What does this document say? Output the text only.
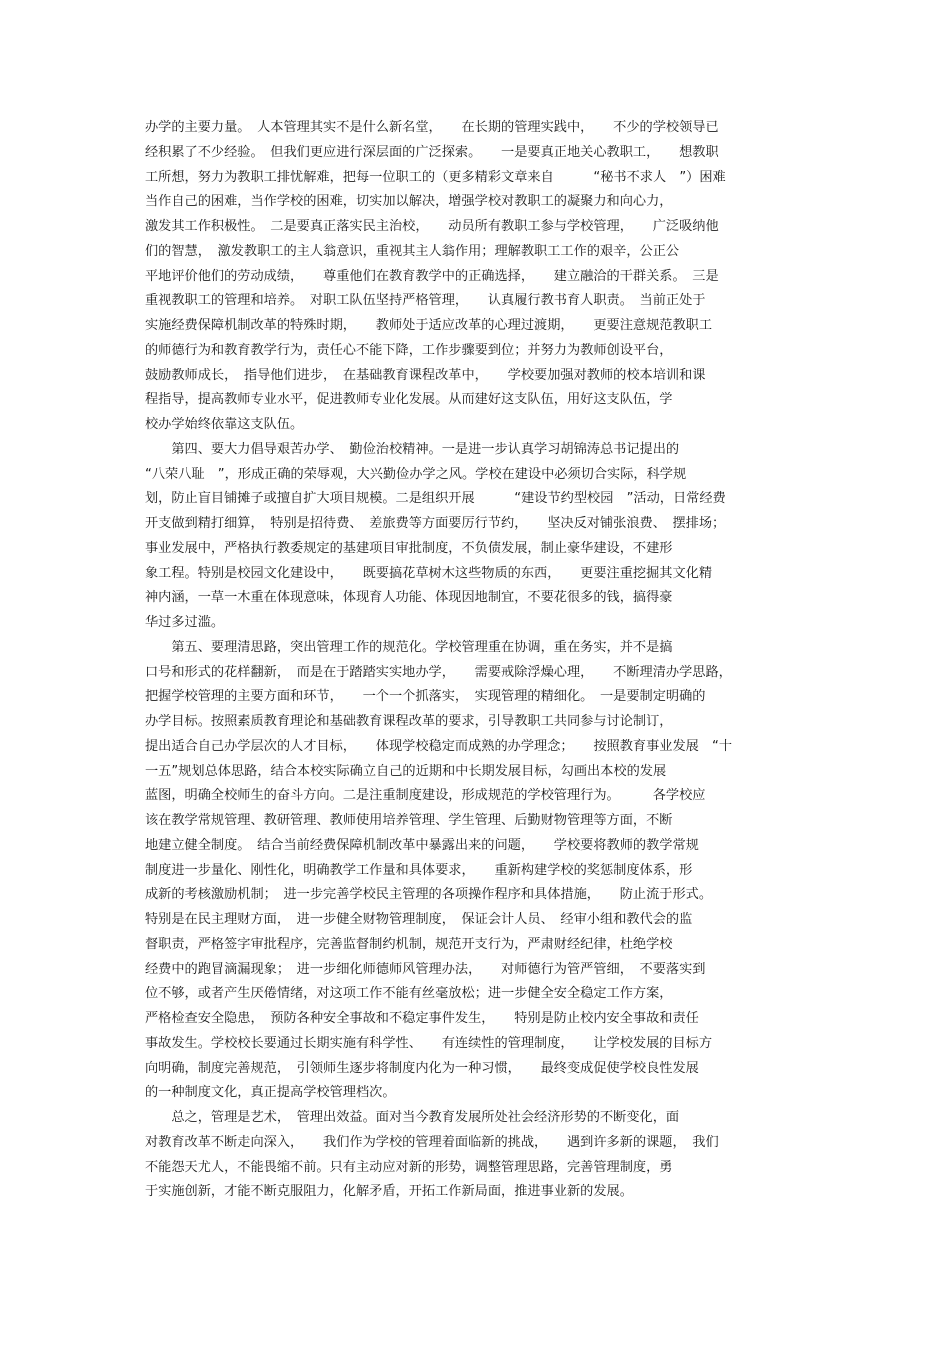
办学的主要力量。　人本管理其实不是什么新名堂，　　在长期的管理实践中，　　不少的学校领导已
经积累了不少经验。　但我们更应进行深层面的广泛探索。　　一是要真正地关心教职工，　　想教职
工所想，努力为教职工排忧解难，把每一位职工的（更多精彩文章来自　　　“秘书不求人　”）困难
当作自己的困难，当作学校的困难，切实加以解决，增强学校对教职工的凝聚力和向心力，
激发其工作积极性。　二是要真正落实民主治校，　　动员所有教职工参与学校管理，　　广泛吸纳他
们的智慧，　激发教职工的主人翁意识，重视其主人翁作用；理解教职工工作的艰辛，公正公
平地评价他们的劳动成绩，　　尊重他们在教育教学中的正确选择，　　建立融洽的干群关系。　三是
重视教职工的管理和培养。　对职工队伍坚持严格管理，　　认真履行教书育人职责。　当前正处于
实施经费保障机制改革的特殊时期，　　教师处于适应改革的心理过渡期，　　更要注意规范教职工
的师德行为和教育教学行为，责任心不能下降，工作步骤要到位；并努力为教师创设平台，
鼓励教师成长，　指导他们进步，　在基础教育课程改革中，　　学校要加强对教师的校本培训和课
程指导，提高教师专业水平，促进教师专业化发展。从而建好这支队伍，用好这支队伍，学
校办学始终依靠这支队伍。
　　第四、要大力倡导艰苦办学、　勤俭治校精神。一是进一步认真学习胡锦涛总书记提出的
“八荣八耻　”，形成正确的荣辱观，大兴勤俭办学之风。学校在建设中必须切合实际，科学规
划，防止盲目铺摊子或擅自扩大项目规模。二是组织开展　　　“建设节约型校园　”活动，日常经费
开支做到精打细算，　特别是招待费、　差旅费等方面要厉行节约，　　坚决反对铺张浪费、　摆排场；
事业发展中，严格执行教委规定的基建项目审批制度，不负债发展，制止豪华建设，不建形
象工程。特别是校园文化建设中，　　既要搞花草树木这些物质的东西，　　更要注重挖掘其文化精
神内涵，一草一木重在体现意味，体现育人功能、体现因地制宜，不要花很多的钱，搞得豪
华过多过滥。
　　第五、要理清思路，突出管理工作的规范化。学校管理重在协调，重在务实，并不是搞
口号和形式的花样翻新，　而是在于踏踏实实地办学，　　需要戒除浮燥心理，　　不断理清办学思路，
把握学校管理的主要方面和环节，　　一个一个抓落实，　实现管理的精细化。　一是要制定明确的
办学目标。按照素质教育理论和基础教育课程改革的要求，引导教职工共同参与讨论制订，
提出适合自己办学层次的人才目标，　　体现学校稳定而成熟的办学理念；　　按照教育事业发展　“十
一五”规划总体思路，结合本校实际确立自己的近期和中长期发展目标，勾画出本校的发展
蓝图，明确全校师生的奋斗方向。二是注重制度建设，形成规范的学校管理行为。　　　各学校应
该在教学常规管理、教研管理、教师使用培养管理、学生管理、后勤财物管理等方面，不断
地建立健全制度。　结合当前经费保障机制改革中暴露出来的问题，　　学校要将教师的教学常规
制度进一步量化、刚性化，明确教学工作量和具体要求，　　重新构建学校的奖惩制度体系，形
成新的考核激励机制；　进一步完善学校民主管理的各项操作程序和具体措施，　　防止流于形式。
特别是在民主理财方面，　进一步健全财物管理制度，　保证会计人员、　经审小组和教代会的监
督职责，严格签字审批程序，完善监督制约机制，规范开支行为，严肃财经纪律，杜绝学校
经费中的跑冒滴漏现象；　进一步细化师德师风管理办法，　　对师德行为管严管细，　不要落实到
位不够，或者产生厌倦情绪，对这项工作不能有丝毫放松；进一步健全安全稳定工作方案，
严格检查安全隐患，　预防各种安全事故和不稳定事件发生，　　特别是防止校内安全事故和责任
事故发生。学校校长要通过长期实施有科学性、　　有连续性的管理制度，　　让学校发展的目标方
向明确，制度完善规范，　引领师生逐步将制度内化为一种习惯，　　最终变成促使学校良性发展
的一种制度文化，真正提高学校管理档次。
　　总之，管理是艺术，　管理出效益。面对当今教育发展所处社会经济形势的不断变化，面
对教育改革不断走向深入，　　我们作为学校的管理着面临新的挑战，　　遇到许多新的课题，　我们
不能怨天尤人，不能畏缩不前。只有主动应对新的形势，调整管理思路，完善管理制度，勇
于实施创新，才能不断克服阻力，化解矛盾，开拓工作新局面，推进事业新的发展。
